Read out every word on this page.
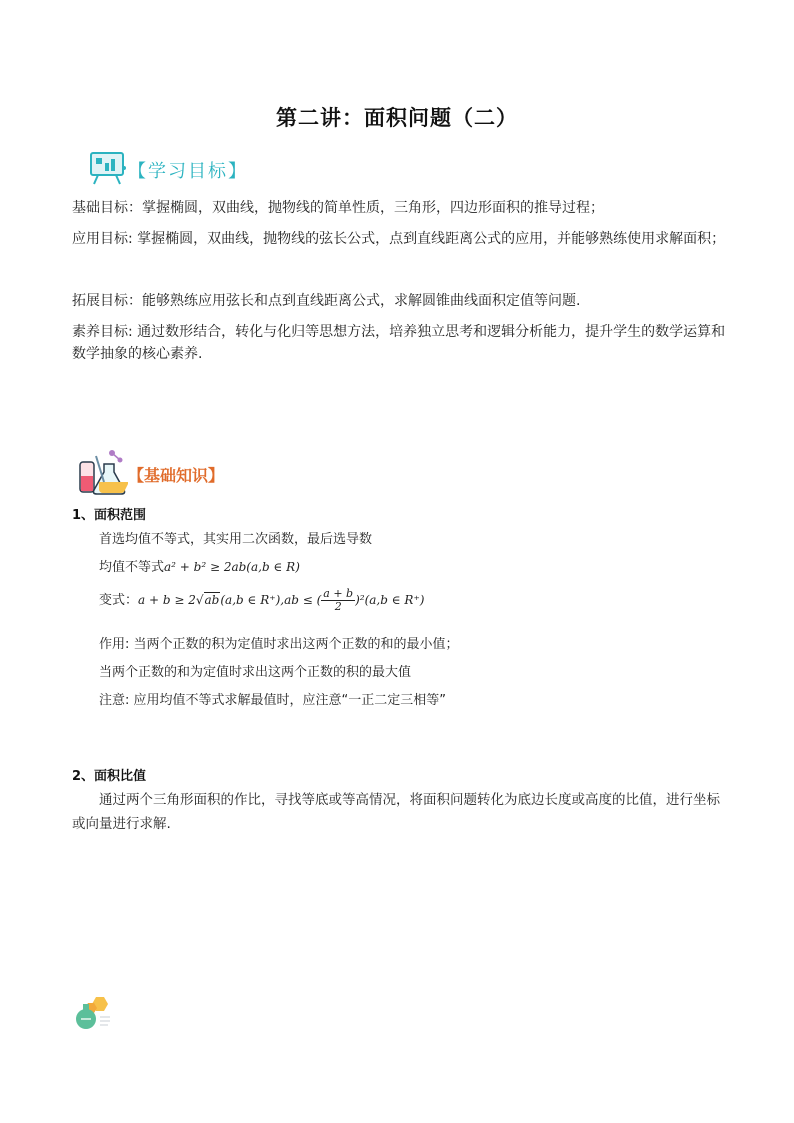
第二讲：面积问题（二）
【学习目标】
基础目标：掌握椭圆，双曲线，抛物线的简单性质，三角形，四边形面积的推导过程；
应用目标: 掌握椭圆，双曲线，抛物线的弦长公式，点到直线距离公式的应用，并能够熟练使用求解面积；
拓展目标：能够熟练应用弦长和点到直线距离公式，求解圆锥曲线面积定值等问题.
素养目标: 通过数形结合，转化与化归等思想方法，培养独立思考和逻辑分析能力，提升学生的数学运算和数学抽象的核心素养.
【基础知识】
1、面积范围
首选均值不等式，其实用二次函数，最后选导数
均值不等式a² + b² ≥ 2ab(a,b ∈ R)
变式：a + b ≥ 2√ab(a,b ∈ R⁺),ab ≤ ( $\frac{a + b}{2} )^2(a,b$ ∈ R⁺)
作用: 当两个正数的积为定值时求出这两个正数的和的最小值；
当两个正数的和为定值时求出这两个正数的积的最大值
注意: 应用均值不等式求解最值时，应注意“一正二定三相等”
2、面积比值
通过两个三角形面积的作比，寻找等底或等高情况，将面积问题转化为底边长度或高度的比值，进行坐标或向量进行求解.
